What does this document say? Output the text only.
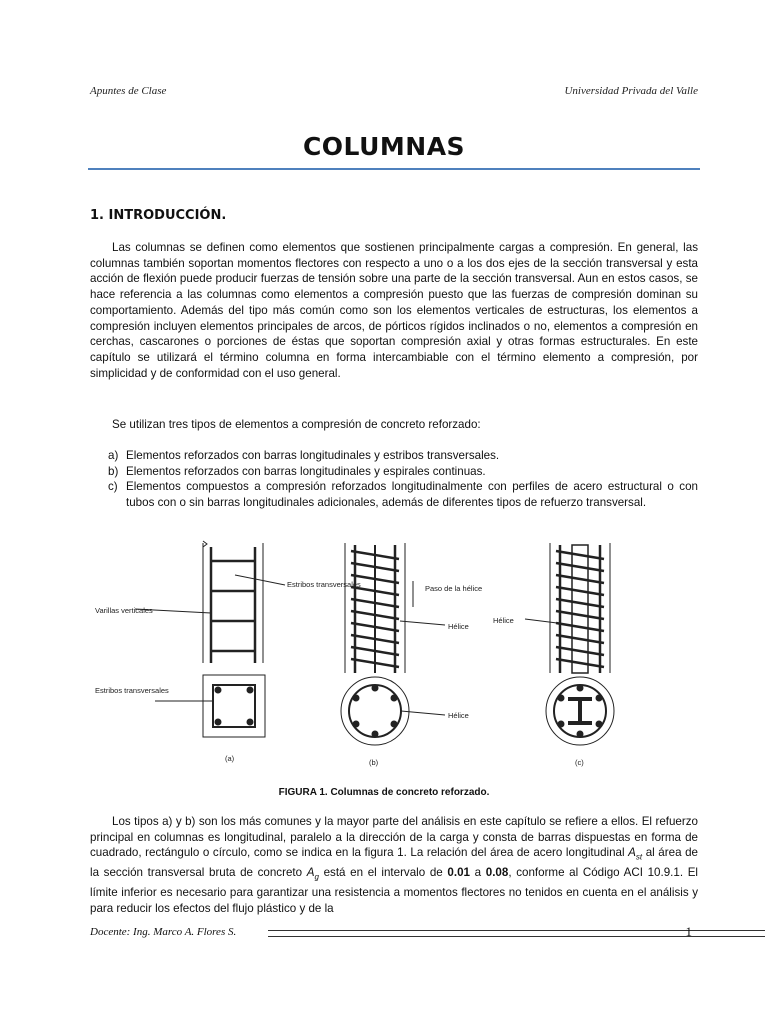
Apuntes de Clase	Universidad Privada del Valle
COLUMNAS
1. INTRODUCCIÓN.

Las columnas se definen como elementos que sostienen principalmente cargas a compresión. En general, las columnas también soportan momentos flectores con respecto a uno o a los dos ejes de la sección transversal y esta acción de flexión puede producir fuerzas de tensión sobre una parte de la sección transversal. Aun en estos casos, se hace referencia a las columnas como elementos a compresión puesto que las fuerzas de compresión dominan su comportamiento. Además del tipo más común como son los elementos verticales de estructuras, los elementos a compresión incluyen elementos principales de arcos, de pórticos rígidos inclinados o no, elementos a compresión en cerchas, cascarones o porciones de éstas que soportan compresión axial y otras formas estructurales. En este capítulo se utilizará el término columna en forma intercambiable con el término elemento a compresión, por simplicidad y de conformidad con el uso general.

Se utilizan tres tipos de elementos a compresión de concreto reforzado:

a) Elementos reforzados con barras longitudinales y estribos transversales.
b) Elementos reforzados con barras longitudinales y espirales continuas.
c) Elementos compuestos a compresión reforzados longitudinalmente con perfiles de acero estructural o con tubos con o sin barras longitudinales adicionales, además de diferentes tipos de refuerzo transversal.
Estribos transversales
Varillas verticales
Estribos transversales
Paso de la hélice
Hélice
Hélice
Hélice
(a)	(b)	(c)
FIGURA 1. Columnas de concreto reforzado.

Los tipos a) y b) son los más comunes y la mayor parte del análisis en este capítulo se refiere a ellos. El refuerzo principal en columnas es longitudinal, paralelo a la dirección de la carga y consta de barras dispuestas en forma de cuadrado, rectángulo o círculo, como se indica en la figura 1. La relación del área de acero longitudinal $A_{st}$ al área de la sección transversal bruta de concreto $A_g$ está en el intervalo de 0.01 a 0.08, conforme al Código ACI 10.9.1. El límite inferior es necesario para garantizar una resistencia a momentos flectores no tenidos en cuenta en el análisis y para reducir los efectos del flujo plástico y de la

Docente: Ing. Marco A. Flores S.	1
